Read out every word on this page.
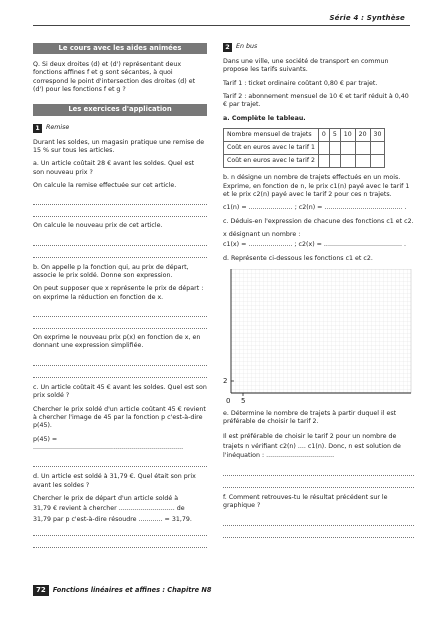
Série 4 : Synthèse
Le cours avec les aides animées

Q. Si deux droites (d) et (d') représentant deux fonctions affines f et g sont sécantes, à quoi correspond le point d'intersection des droites (d) et (d') pour les fonctions f et g ?

Les exercices d'application
1 Remise

Durant les soldes, un magasin pratique une remise de 15 % sur tous les articles.

a. Un article coûtait 28 € avant les soldes. Quel est son nouveau prix ?

On calcule la remise effectuée sur cet article.

On calcule le nouveau prix de cet article.

b. On appelle p la fonction qui, au prix de départ, associe le prix soldé. Donne son expression.

On peut supposer que x représente le prix de départ : on exprime la réduction en fonction de x.

On exprime le nouveau prix p(x) en fonction de x, en donnant une expression simplifiée.

c. Un article coûtait 45 € avant les soldes. Quel est son prix soldé ?

Chercher le prix soldé d'un article coûtant 45 € revient à chercher l'image de 45 par la fonction p c'est-à-dire p(45).

p(45) = ...........................................................................

d. Un article est soldé à 31,79 €. Quel était son prix avant les soldes ?

Chercher le prix de départ d'un article soldé à

31,79 € revient à chercher ............................ de

31,79 par p c'est-à-dire résoudre ............ = 31,79.

2 En bus

Dans une ville, une société de transport en commun propose les tarifs suivants.

Tarif 1 : ticket ordinaire coûtant 0,80 € par trajet.

Tarif 2 : abonnement mensuel de 10 € et tarif réduit à 0,40 € par trajet.

a. Complète le tableau.

Nombre mensuel de trajets	0	5	10	20	30
Coût en euros avec le tarif 1					
Coût en euros avec le tarif 2					

b. n désigne un nombre de trajets effectués en un mois. Exprime, en fonction de n, le prix c1(n) payé avec le tarif 1 et le prix c2(n) payé avec le tarif 2 pour ces n trajets.

c1(n) = ...................... ; c2(n) = ....................................... .

c. Déduis-en l'expression de chacune des fonctions c1 et c2.

x désignant un nombre :

c1(x) = ...................... ; c2(x) = ....................................... .

d. Représente ci-dessous les fonctions c1 et c2.

2
0 5

e. Détermine le nombre de trajets à partir duquel il est préférable de choisir le tarif 2.

Il est préférable de choisir le tarif 2 pour un nombre de trajets n vérifiant c2(n) .... c1(n). Donc, n est solution de l'inéquation : ..................................

f. Comment retrouves-tu le résultat précédent sur le graphique ?

72	Fonctions linéaires et affines : Chapitre N8
